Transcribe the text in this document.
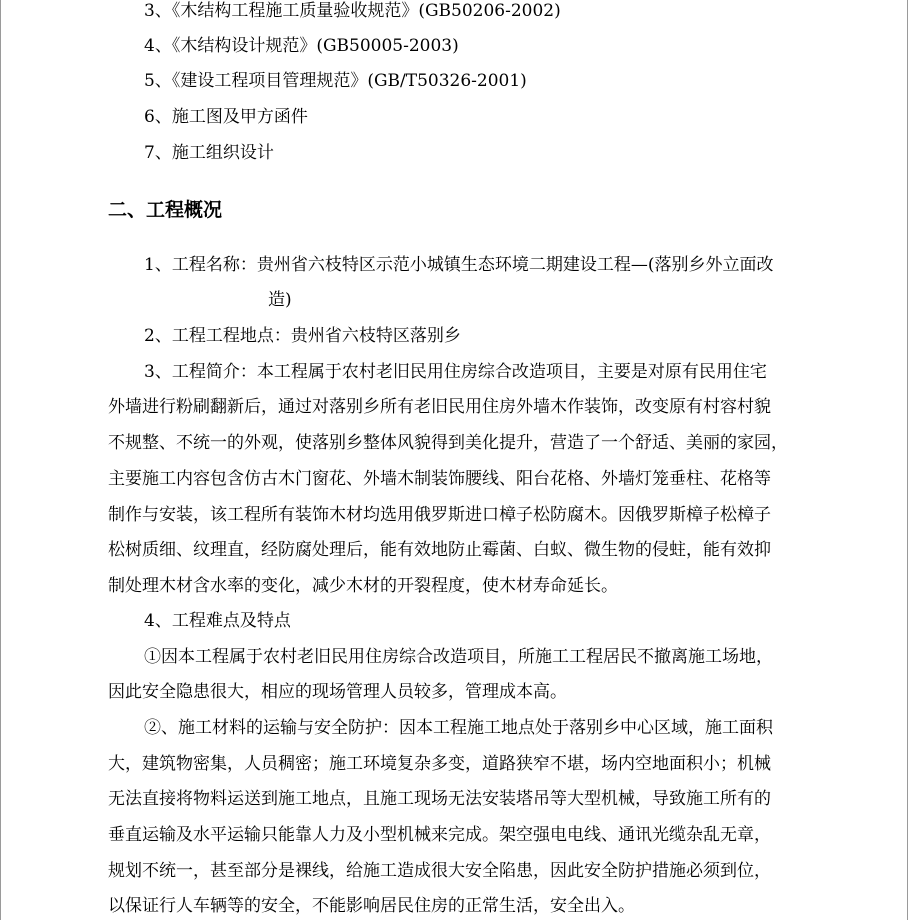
3、《木结构工程施工质量验收规范》(GB50206-2002)
4、《木结构设计规范》(GB50005-2003)
5、《建设工程项目管理规范》(GB/T50326-2001)
6、施工图及甲方函件
7、施工组织设计
二、工程概况
1、工程名称：贵州省六枝特区示范小城镇生态环境二期建设工程—(落别乡外立面改
造)
2、工程工程地点：贵州省六枝特区落别乡
3、工程简介：本工程属于农村老旧民用住房综合改造项目，主要是对原有民用住宅
外墙进行粉刷翻新后，通过对落别乡所有老旧民用住房外墙木作装饰，改变原有村容村貌
不规整、不统一的外观，使落别乡整体风貌得到美化提升，营造了一个舒适、美丽的家园，
主要施工内容包含仿古木门窗花、外墙木制装饰腰线、阳台花格、外墙灯笼垂柱、花格等
制作与安装，该工程所有装饰木材均选用俄罗斯进口樟子松防腐木。因俄罗斯樟子松樟子
松树质细、纹理直，经防腐处理后，能有效地防止霉菌、白蚁、微生物的侵蛀，能有效抑
制处理木材含水率的变化，减少木材的开裂程度，使木材寿命延长。
4、工程难点及特点
①因本工程属于农村老旧民用住房综合改造项目，所施工工程居民不撤离施工场地，
因此安全隐患很大，相应的现场管理人员较多，管理成本高。
②、施工材料的运输与安全防护：因本工程施工地点处于落别乡中心区域，施工面积
大，建筑物密集，人员稠密；施工环境复杂多变，道路狭窄不堪，场内空地面积小；机械
无法直接将物料运送到施工地点，且施工现场无法安装塔吊等大型机械，导致施工所有的
垂直运输及水平运输只能靠人力及小型机械来完成。架空强电电线、通讯光缆杂乱无章，
规划不统一，甚至部分是裸线，给施工造成很大安全陷患，因此安全防护措施必须到位，
以保证行人车辆等的安全，不能影响居民住房的正常生活，安全出入。
